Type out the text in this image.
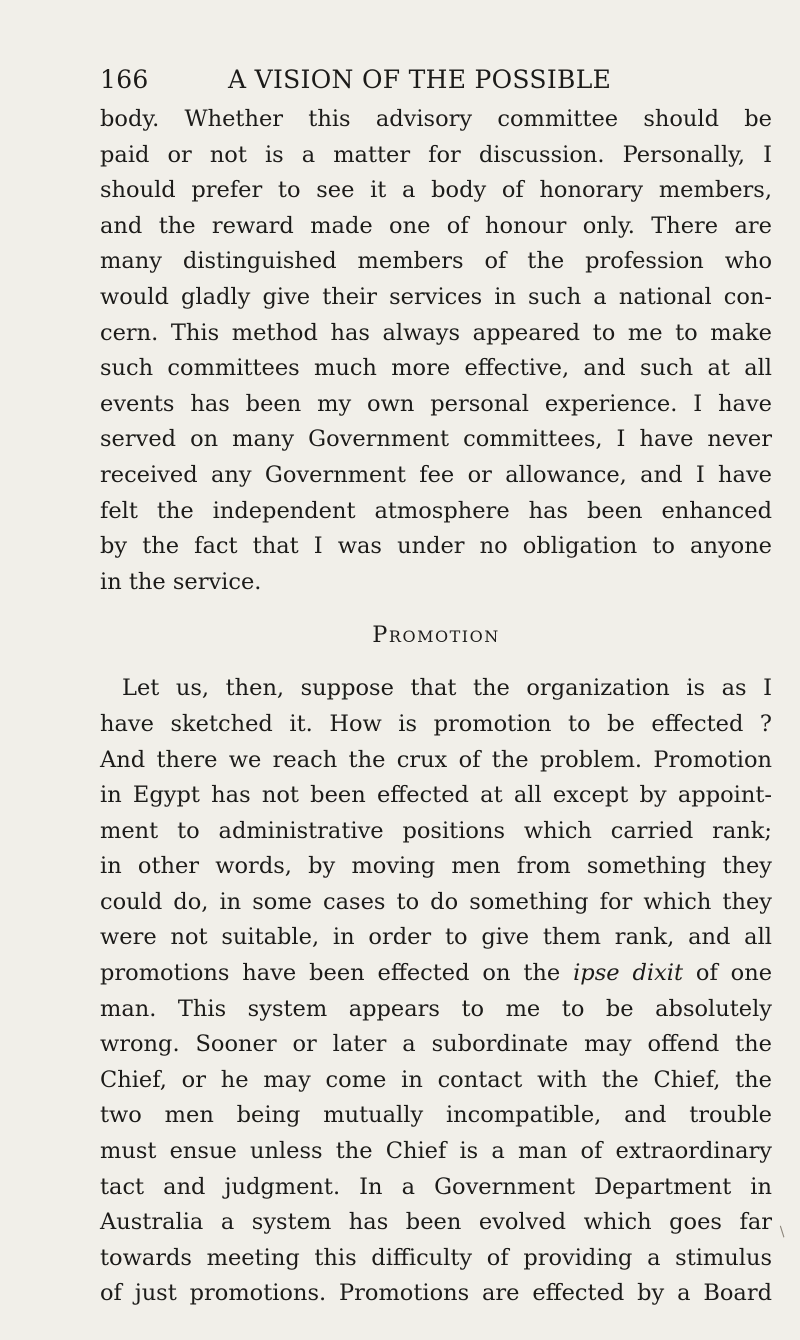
166	A VISION OF THE POSSIBLE
body. Whether this advisory committee should be
paid or not is a matter for discussion. Personally, I
should prefer to see it a body of honorary members,
and the reward made one of honour only. There are
many distinguished members of the profession who
would gladly give their services in such a national con-
cern. This method has always appeared to me to make
such committees much more effective, and such at all
events has been my own personal experience. I have
served on many Government committees, I have never
received any Government fee or allowance, and I have
felt the independent atmosphere has been enhanced
by the fact that I was under no obligation to anyone
in the service.
Promotion
Let us, then, suppose that the organization is as I
have sketched it. How is promotion to be effected ?
And there we reach the crux of the problem. Promotion
in Egypt has not been effected at all except by appoint-
ment to administrative positions which carried rank;
in other words, by moving men from something they
could do, in some cases to do something for which they
were not suitable, in order to give them rank, and all
promotions have been effected on the ipse dixit of one
man. This system appears to me to be absolutely
wrong. Sooner or later a subordinate may offend the
Chief, or he may come in contact with the Chief, the
two men being mutually incompatible, and trouble
must ensue unless the Chief is a man of extraordinary
tact and judgment. In a Government Department in
Australia a system has been evolved which goes far
towards meeting this difficulty of providing a stimulus
of just promotions. Promotions are effected by a Board
/
